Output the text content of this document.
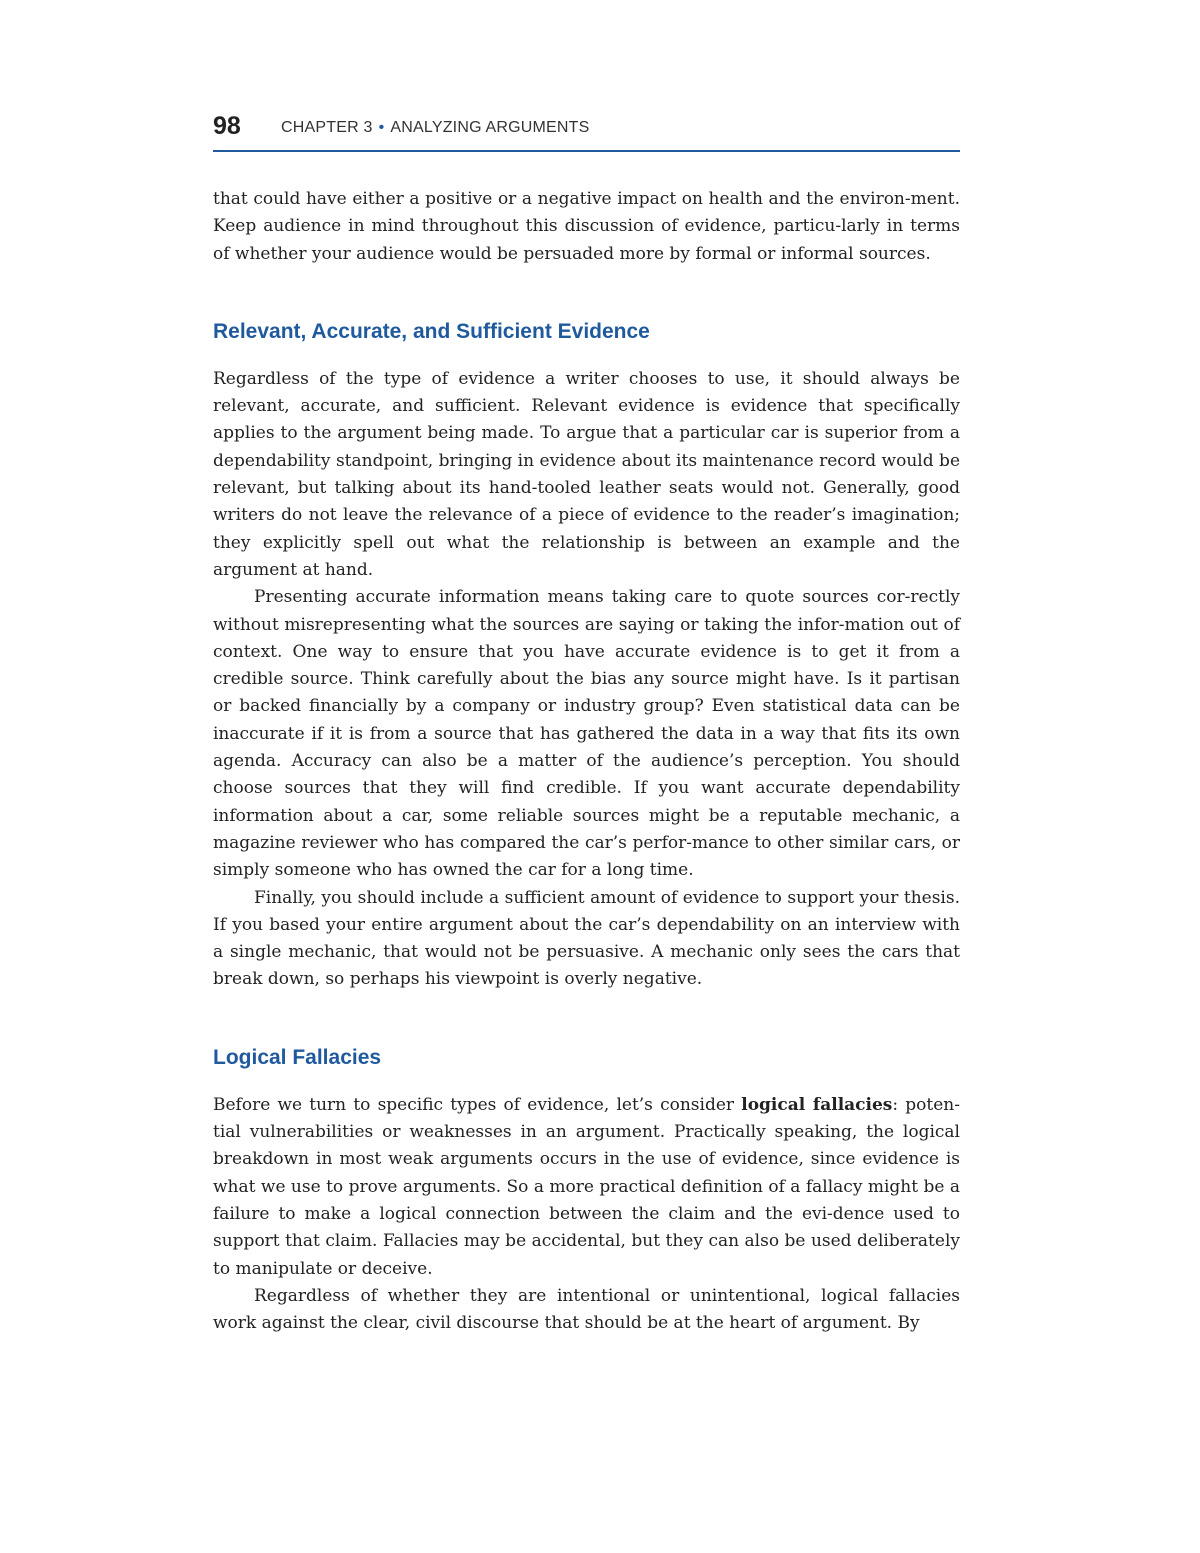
98	CHAPTER 3 • ANALYZING ARGUMENTS

that could have either a positive or a negative impact on health and the environ-ment. Keep audience in mind throughout this discussion of evidence, particu-larly in terms of whether your audience would be persuaded more by formal or informal sources.

Relevant, Accurate, and Sufficient Evidence

Regardless of the type of evidence a writer chooses to use, it should always be relevant, accurate, and sufficient. Relevant evidence is evidence that specifically applies to the argument being made. To argue that a particular car is superior from a dependability standpoint, bringing in evidence about its maintenance record would be relevant, but talking about its hand-tooled leather seats would not. Generally, good writers do not leave the relevance of a piece of evidence to the reader’s imagination; they explicitly spell out what the relationship is between an example and the argument at hand.

Presenting accurate information means taking care to quote sources cor-rectly without misrepresenting what the sources are saying or taking the infor-mation out of context. One way to ensure that you have accurate evidence is to get it from a credible source. Think carefully about the bias any source might have. Is it partisan or backed financially by a company or industry group? Even statistical data can be inaccurate if it is from a source that has gathered the data in a way that fits its own agenda. Accuracy can also be a matter of the audience’s perception. You should choose sources that they will find credible. If you want accurate dependability information about a car, some reliable sources might be a reputable mechanic, a magazine reviewer who has compared the car’s perfor-mance to other similar cars, or simply someone who has owned the car for a long time.

Finally, you should include a sufficient amount of evidence to support your thesis. If you based your entire argument about the car’s dependability on an interview with a single mechanic, that would not be persuasive. A mechanic only sees the cars that break down, so perhaps his viewpoint is overly negative.

Logical Fallacies

Before we turn to specific types of evidence, let’s consider logical fallacies: poten-tial vulnerabilities or weaknesses in an argument. Practically speaking, the logical breakdown in most weak arguments occurs in the use of evidence, since evidence is what we use to prove arguments. So a more practical definition of a fallacy might be a failure to make a logical connection between the claim and the evi-dence used to support that claim. Fallacies may be accidental, but they can also be used deliberately to manipulate or deceive.

Regardless of whether they are intentional or unintentional, logical fallacies work against the clear, civil discourse that should be at the heart of argument. By
